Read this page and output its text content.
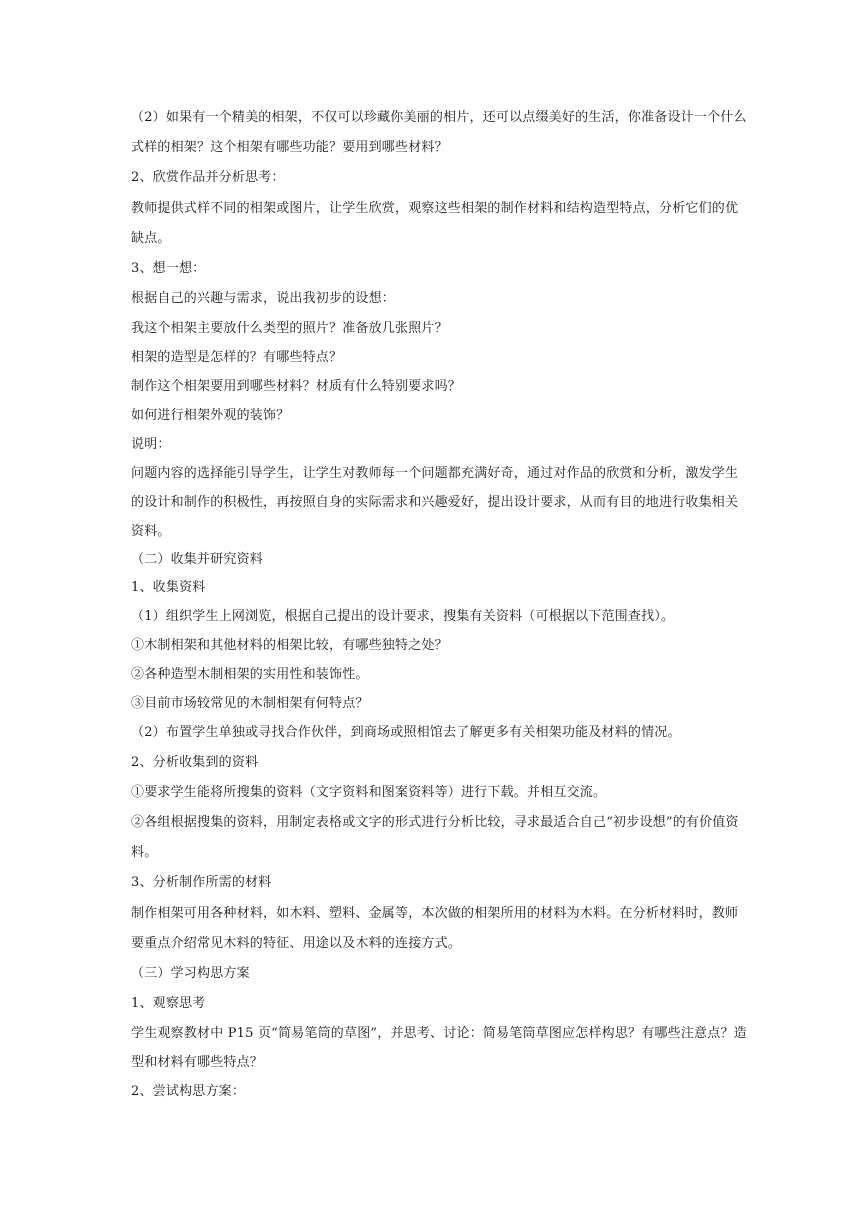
（2）如果有一个精美的相架，不仅可以珍藏你美丽的相片，还可以点缀美好的生活，你准备设计一个什么
式样的相架？这个相架有哪些功能？要用到哪些材料？
2、欣赏作品并分析思考：
教师提供式样不同的相架或图片，让学生欣赏，观察这些相架的制作材料和结构造型特点，分析它们的优
缺点。
3、想一想：
根据自己的兴趣与需求，说出我初步的设想：
我这个相架主要放什么类型的照片？准备放几张照片？
相架的造型是怎样的？有哪些特点？
制作这个相架要用到哪些材料？材质有什么特别要求吗？
如何进行相架外观的装饰？
说明：
问题内容的选择能引导学生，让学生对教师每一个问题都充满好奇，通过对作品的欣赏和分析，激发学生
的设计和制作的积极性，再按照自身的实际需求和兴趣爱好，提出设计要求，从而有目的地进行收集相关
资料。
（二）收集并研究资料
1、收集资料
（1）组织学生上网浏览，根据自己提出的设计要求，搜集有关资料（可根据以下范围查找）。
①木制相架和其他材料的相架比较，有哪些独特之处？
②各种造型木制相架的实用性和装饰性。
③目前市场较常见的木制相架有何特点？
（2）布置学生单独或寻找合作伙伴，到商场或照相馆去了解更多有关相架功能及材料的情况。
2、分析收集到的资料
①要求学生能将所搜集的资料（文字资料和图案资料等）进行下载。并相互交流。
②各组根据搜集的资料，用制定表格或文字的形式进行分析比较，寻求最适合自己“初步设想”的有价值资
料。
3、分析制作所需的材料
制作相架可用各种材料，如木料、塑料、金属等，本次做的相架所用的材料为木料。在分析材料时，教师
要重点介绍常见木料的特征、用途以及木料的连接方式。
（三）学习构思方案
1、观察思考
学生观察教材中 P15 页“简易笔筒的草图”，并思考、讨论：简易笔筒草图应怎样构思？有哪些注意点？造
型和材料有哪些特点？
2、尝试构思方案：
